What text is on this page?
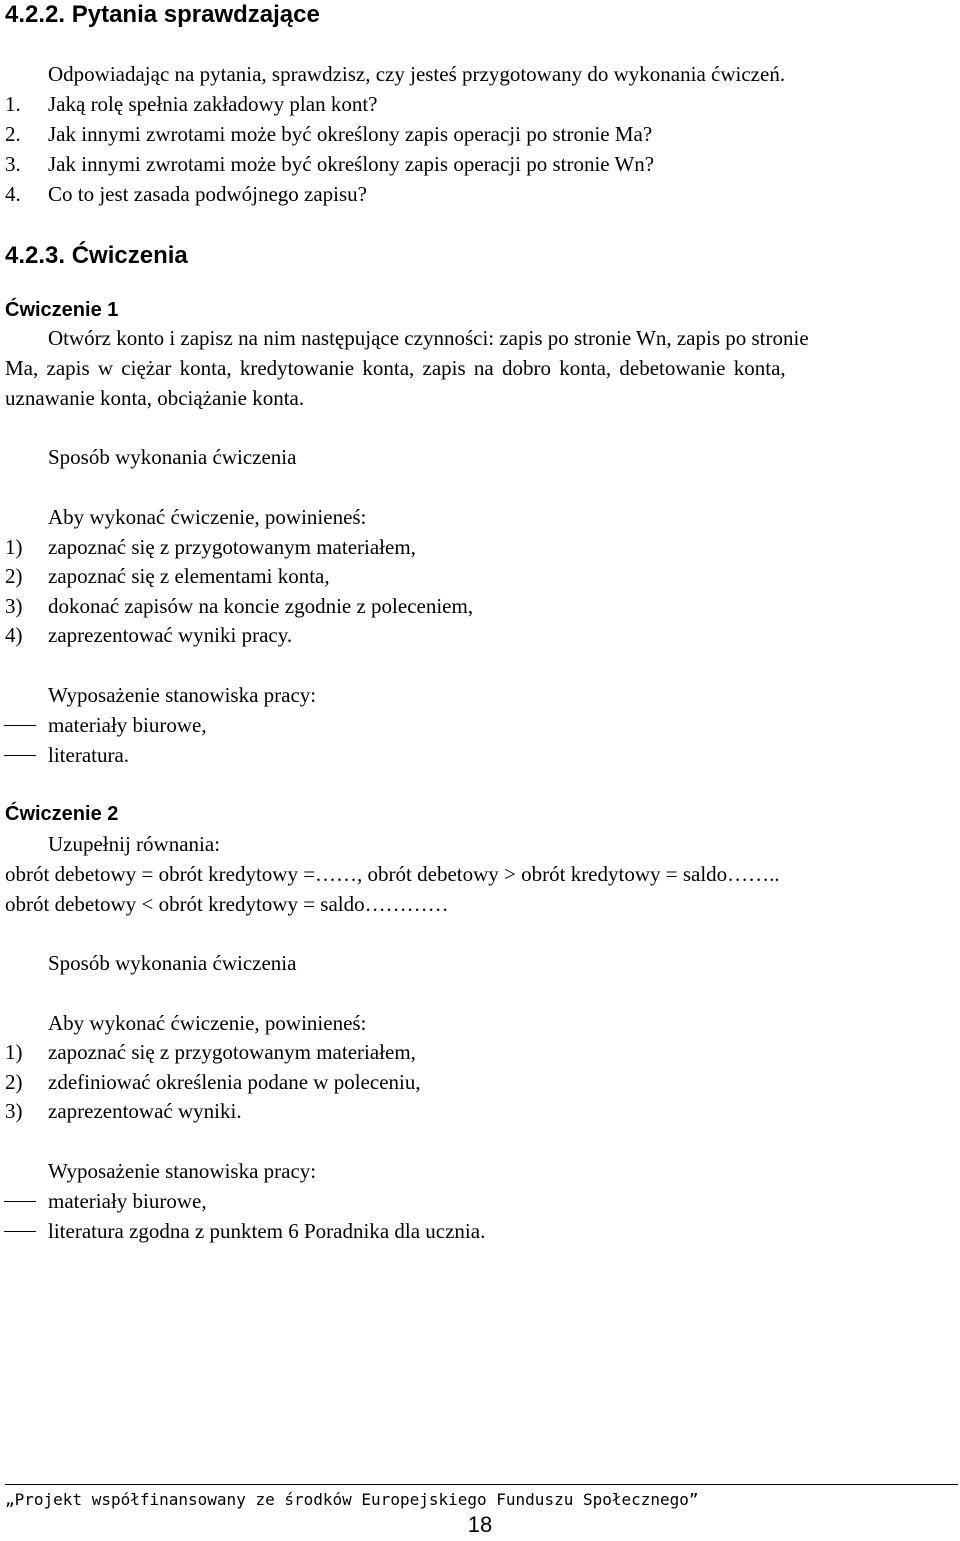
4.2.2. Pytania sprawdzające
Odpowiadając na pytania, sprawdzisz, czy jesteś przygotowany do wykonania ćwiczeń.
1. Jaką rolę spełnia zakładowy plan kont?
2. Jak innymi zwrotami może być określony zapis operacji po stronie Ma?
3. Jak innymi zwrotami może być określony zapis operacji po stronie Wn?
4. Co to jest zasada podwójnego zapisu?
4.2.3. Ćwiczenia
Ćwiczenie 1
Otwórz konto i zapisz na nim następujące czynności: zapis po stronie Wn, zapis po stronie
Ma, zapis w ciężar konta, kredytowanie konta, zapis na dobro konta, debetowanie konta,
uznawanie konta, obciążanie konta.
Sposób wykonania ćwiczenia
Aby wykonać ćwiczenie, powinieneś:
1) zapoznać się z przygotowanym materiałem,
2) zapoznać się z elementami konta,
3) dokonać zapisów na koncie zgodnie z poleceniem,
4) zaprezentować wyniki pracy.
Wyposażenie stanowiska pracy:
materiały biurowe,
literatura.
Ćwiczenie 2
Uzupełnij równania:
obrót debetowy = obrót kredytowy =……, obrót debetowy > obrót kredytowy = saldo……..
obrót debetowy < obrót kredytowy = saldo…………
Sposób wykonania ćwiczenia
Aby wykonać ćwiczenie, powinieneś:
1) zapoznać się z przygotowanym materiałem,
2) zdefiniować określenia podane w poleceniu,
3) zaprezentować wyniki.
Wyposażenie stanowiska pracy:
materiały biurowe,
literatura zgodna z punktem 6 Poradnika dla ucznia.
„Projekt współfinansowany ze środków Europejskiego Funduszu Społecznego”
18
